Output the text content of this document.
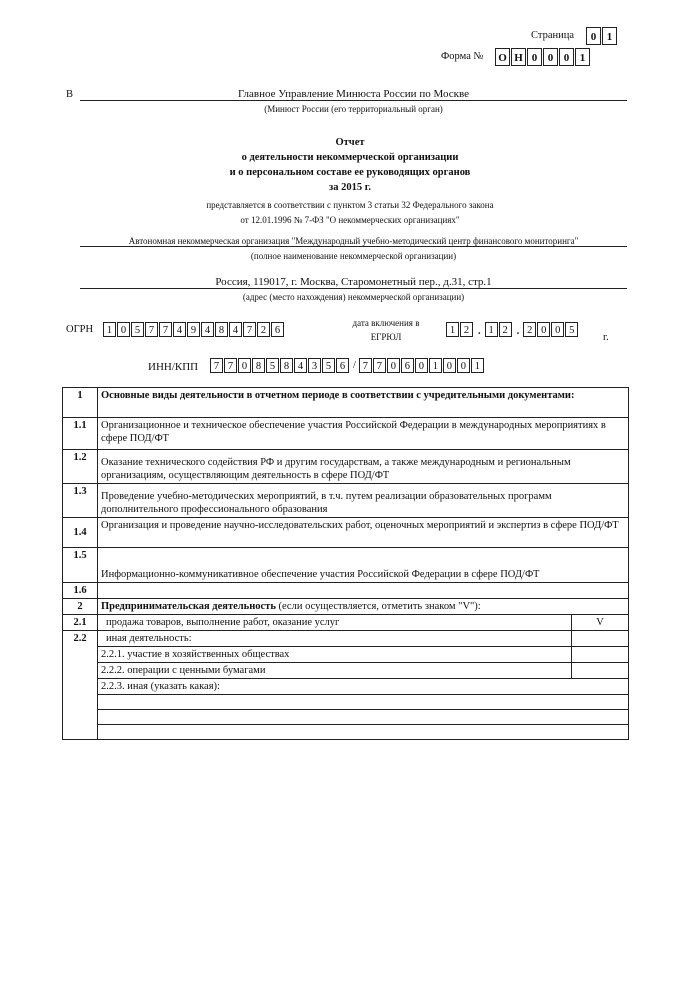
Страница	0 1
Форма № О Н 0 0 0 1
В	Главное Управление Минюста России по Москве
(Минюст России (его территориальный орган)
Отчет
о деятельности некоммерческой организации
и о персональном составе ее руководящих органов
за 2015 г.
представляется в соответствии с пунктом 3 статьи 32 Федерального закона
от 12.01.1996 № 7-ФЗ "О некоммерческих организациях"
Автономная некоммерческая организация "Международный учебно-методический центр финансового мониторинга"
(полное наименование некоммерческой организации)
Россия, 119017, г. Москва, Старомонетный пер., д.31, стр.1
(адрес (место нахождения) некоммерческой организации)
ОГРН	1 0 5 7 7 4 9 4 8 4 7 2 6
дата включения в
ЕГРЮЛ
1 2 . 1 2 . 2 0 0 5
г.
ИНН/КПП	7 7 0 8 5 8 4 3 5 6 / 7 7 0 6 0 1 0 0 1
1	Основные виды деятельности в отчетном периоде в соответствии с учредительными документами:	
1.1	Организационное и техническое обеспечение участия Российской Федерации в международных мероприятиях в сфере ПОД/ФТ	
1.2	Оказание технического содействия РФ и другим государствам, а также международным и региональным организациям, осуществляющим деятельность в сфере ПОД/ФТ	
1.3	Проведение учебно-методических мероприятий, в т.ч. путем реализации образовательных программ дополнительного профессионального образования	
1.4	Организация и проведение научно-исследовательских работ, оценочных мероприятий и экспертиз в сфере ПОД/ФТ	
1.5	Информационно-коммуникативное обеспечение участия Российской Федерации в сфере ПОД/ФТ	
1.6		
2	Предпринимательская деятельность (если осуществляется, отметить знаком "V"):	
2.1	продажа товаров, выполнение работ, оказание услуг	V
2.2	иная деятельность:	
	2.2.1. участие в хозяйственных обществах	
	2.2.2. операции с ценными бумагами	
	2.2.3. иная (указать какая):	
